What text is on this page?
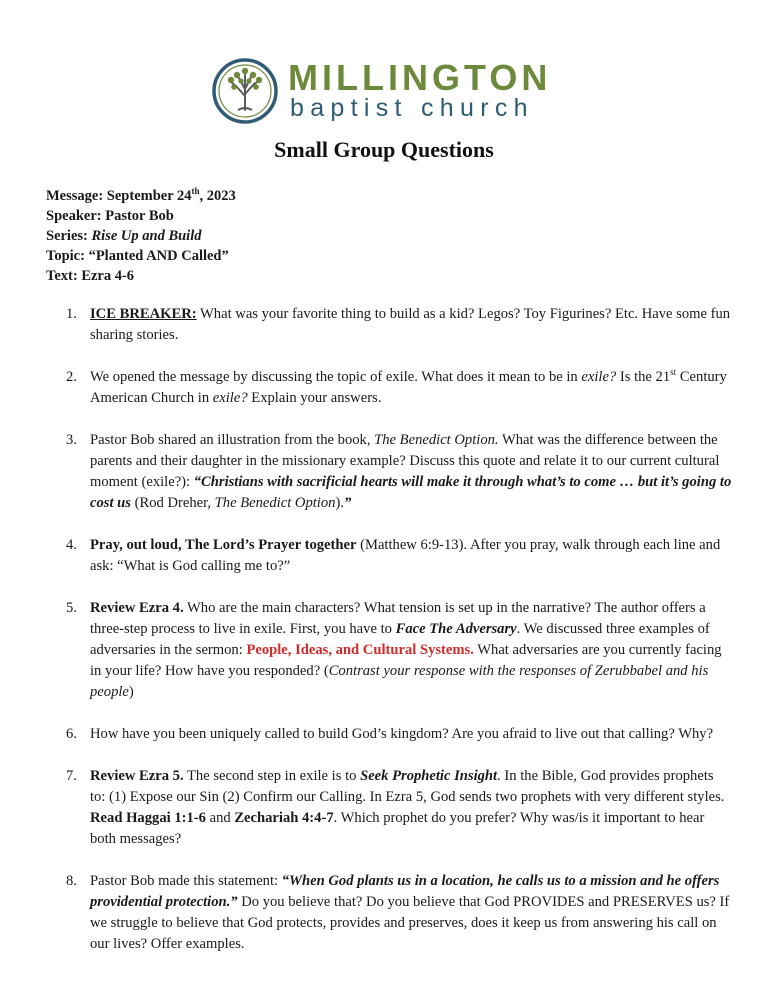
MILLINGTON
baptist church
Small Group Questions
Message: September 24th, 2023
Speaker: Pastor Bob
Series: Rise Up and Build
Topic: “Planted AND Called”
Text: Ezra 4-6
1. ICE BREAKER: What was your favorite thing to build as a kid? Legos? Toy Figurines? Etc. Have some fun sharing stories.
2. We opened the message by discussing the topic of exile. What does it mean to be in exile? Is the 21st Century American Church in exile? Explain your answers.
3. Pastor Bob shared an illustration from the book, The Benedict Option. What was the difference between the parents and their daughter in the missionary example? Discuss this quote and relate it to our current cultural moment (exile?): “Christians with sacrificial hearts will make it through what’s to come … but it’s going to cost us (Rod Dreher, The Benedict Option).”
4. Pray, out loud, The Lord’s Prayer together (Matthew 6:9-13). After you pray, walk through each line and ask: “What is God calling me to?”
5. Review Ezra 4. Who are the main characters? What tension is set up in the narrative? The author offers a three-step process to live in exile. First, you have to Face The Adversary. We discussed three examples of adversaries in the sermon: People, Ideas, and Cultural Systems. What adversaries are you currently facing in your life? How have you responded? (Contrast your response with the responses of Zerubbabel and his people)
6. How have you been uniquely called to build God’s kingdom? Are you afraid to live out that calling? Why?
7. Review Ezra 5. The second step in exile is to Seek Prophetic Insight. In the Bible, God provides prophets to: (1) Expose our Sin (2) Confirm our Calling. In Ezra 5, God sends two prophets with very different styles. Read Haggai 1:1-6 and Zechariah 4:4-7. Which prophet do you prefer? Why was/is it important to hear both messages?
8. Pastor Bob made this statement: “When God plants us in a location, he calls us to a mission and he offers providential protection.” Do you believe that? Do you believe that God PROVIDES and PRESERVES us? If we struggle to believe that God protects, provides and preserves, does it keep us from answering his call on our lives? Offer examples.
